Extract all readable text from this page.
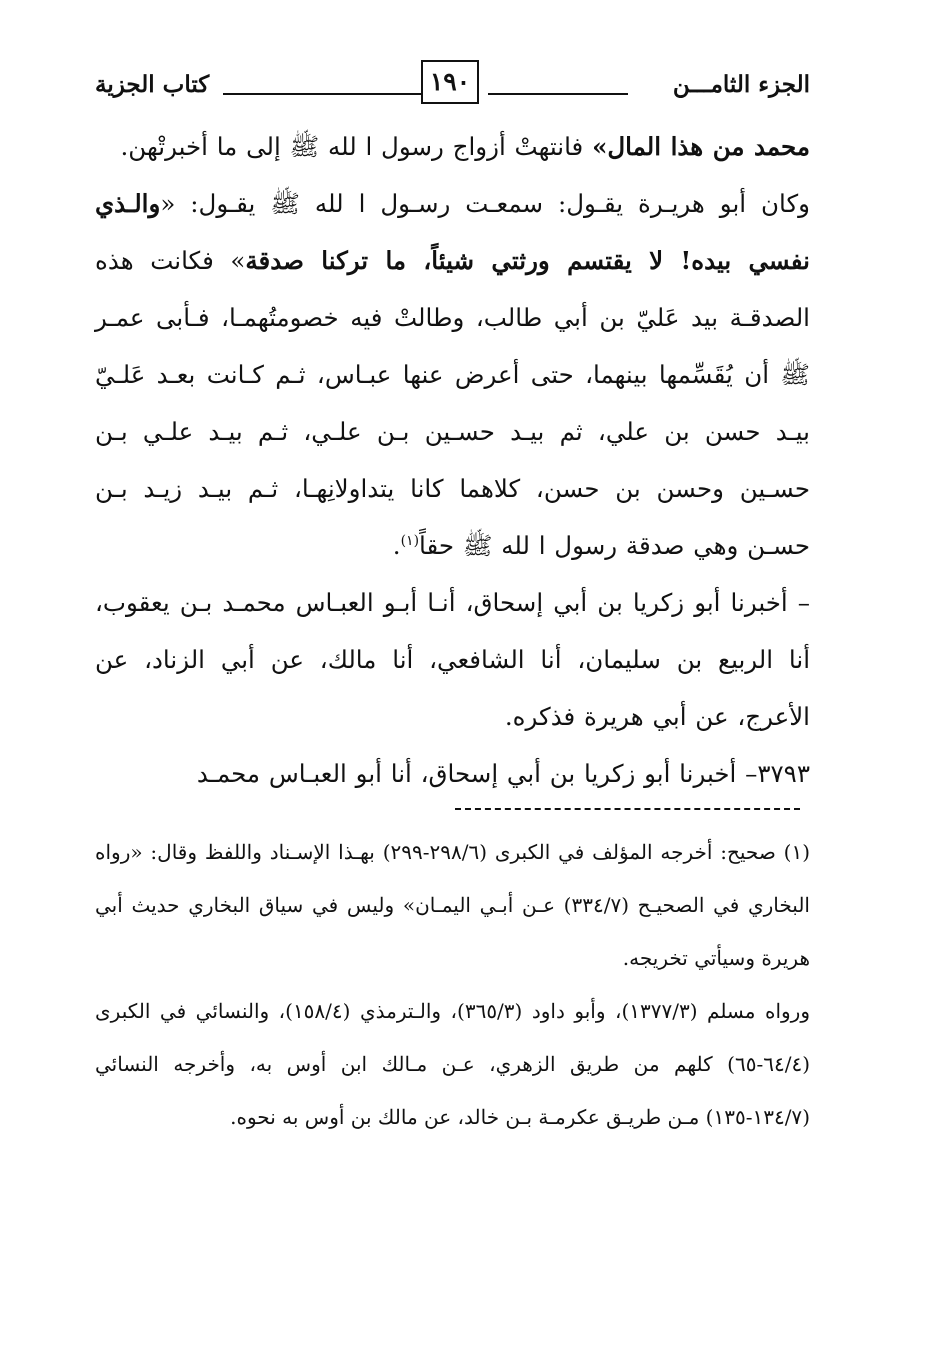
الجزء الثامـــن
١٩٠
كتاب الجزية

محمد من هذا المال» فانتهتْ أزواج رسول ا لله ﷺ إلى ما أخبرتْهن.

وكان أبو هريـرة يقـول: سمعـت رسـول ا لله ﷺ يقـول: «والـذي نفسي بيده! لا يقتسم ورثتي شيئاً، ما تركنا صدقة» فكانت هذه الصدقـة بيد عَليّ بن أبي طالب، وطالتْ فيه خصومتُهمـا، فـأبى عمـر ﷺ أن يُقَسِّمها بينهما، حتى أعرض عنها عبـاس، ثـم كـانت بعـد عَلـيّ بيـد حسن بن علي، ثم بيـد حسـين بـن علـي، ثـم بيـد علـي بـن حسـين وحسن بن حسن، كلاهما كانا يتداولانِهـا، ثـم بيـد زيـد بـن حسـن وهي صدقة رسول ا لله ﷺ حقاً$^{(١)}$.

– أخبرنا أبو زكريا بن أبي إسحاق، أنـا أبـو العبـاس محمـد بـن يعقوب، أنا الربيع بن سليمان، أنا الشافعي، أنا مالك، عن أبي الزناد، عن الأعرج، عن أبي هريرة فذكره.

٣٧٩٣– أخبرنا أبو زكريا بن أبي إسحاق، أنا أبو العبـاس محمـد

(١) صحيح: أخرجه المؤلف في الكبرى (٢٩٨/٦-٢٩٩) بهـذا الإسـناد واللفظ وقال: «رواه البخاري في الصحيـح (٣٣٤/٧) عـن أبـي اليمـان» وليس في سياق البخاري حديث أبي هريرة وسيأتي تخريجه.

ورواه مسلم (١٣٧٧/٣)، وأبو داود (٣٦٥/٣)، والـترمذي (١٥٨/٤)، والنسائي في الكبرى (٦٤/٤-٦٥) كلهم من طريق الزهري، عـن مـالك ابن أوس به، وأخرجه النسائي (١٣٤/٧-١٣٥) مـن طريـق عكرمـة بـن خالد، عن مالك بن أوس به نحوه.
